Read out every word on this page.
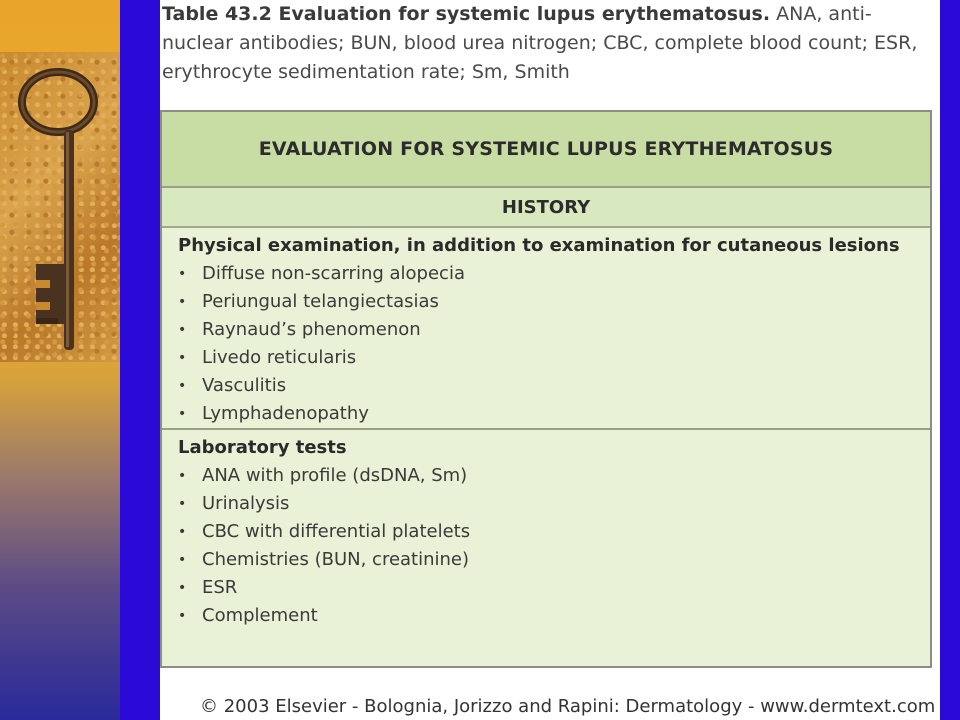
Table 43.2 Evaluation for systemic lupus erythematosus. ANA, anti-nuclear antibodies; BUN, blood urea nitrogen; CBC, complete blood count; ESR, erythrocyte sedimentation rate; Sm, Smith
EVALUATION FOR SYSTEMIC LUPUS ERYTHEMATOSUS
HISTORY
Physical examination, in addition to examination for cutaneous lesions
• Diffuse non-scarring alopecia
• Periungual telangiectasias
• Raynaud’s phenomenon
• Livedo reticularis
• Vasculitis
• Lymphadenopathy
Laboratory tests
• ANA with profile (dsDNA, Sm)
• Urinalysis
• CBC with differential platelets
• Chemistries (BUN, creatinine)
• ESR
• Complement
© 2003 Elsevier - Bolognia, Jorizzo and Rapini: Dermatology - www.dermtext.com
